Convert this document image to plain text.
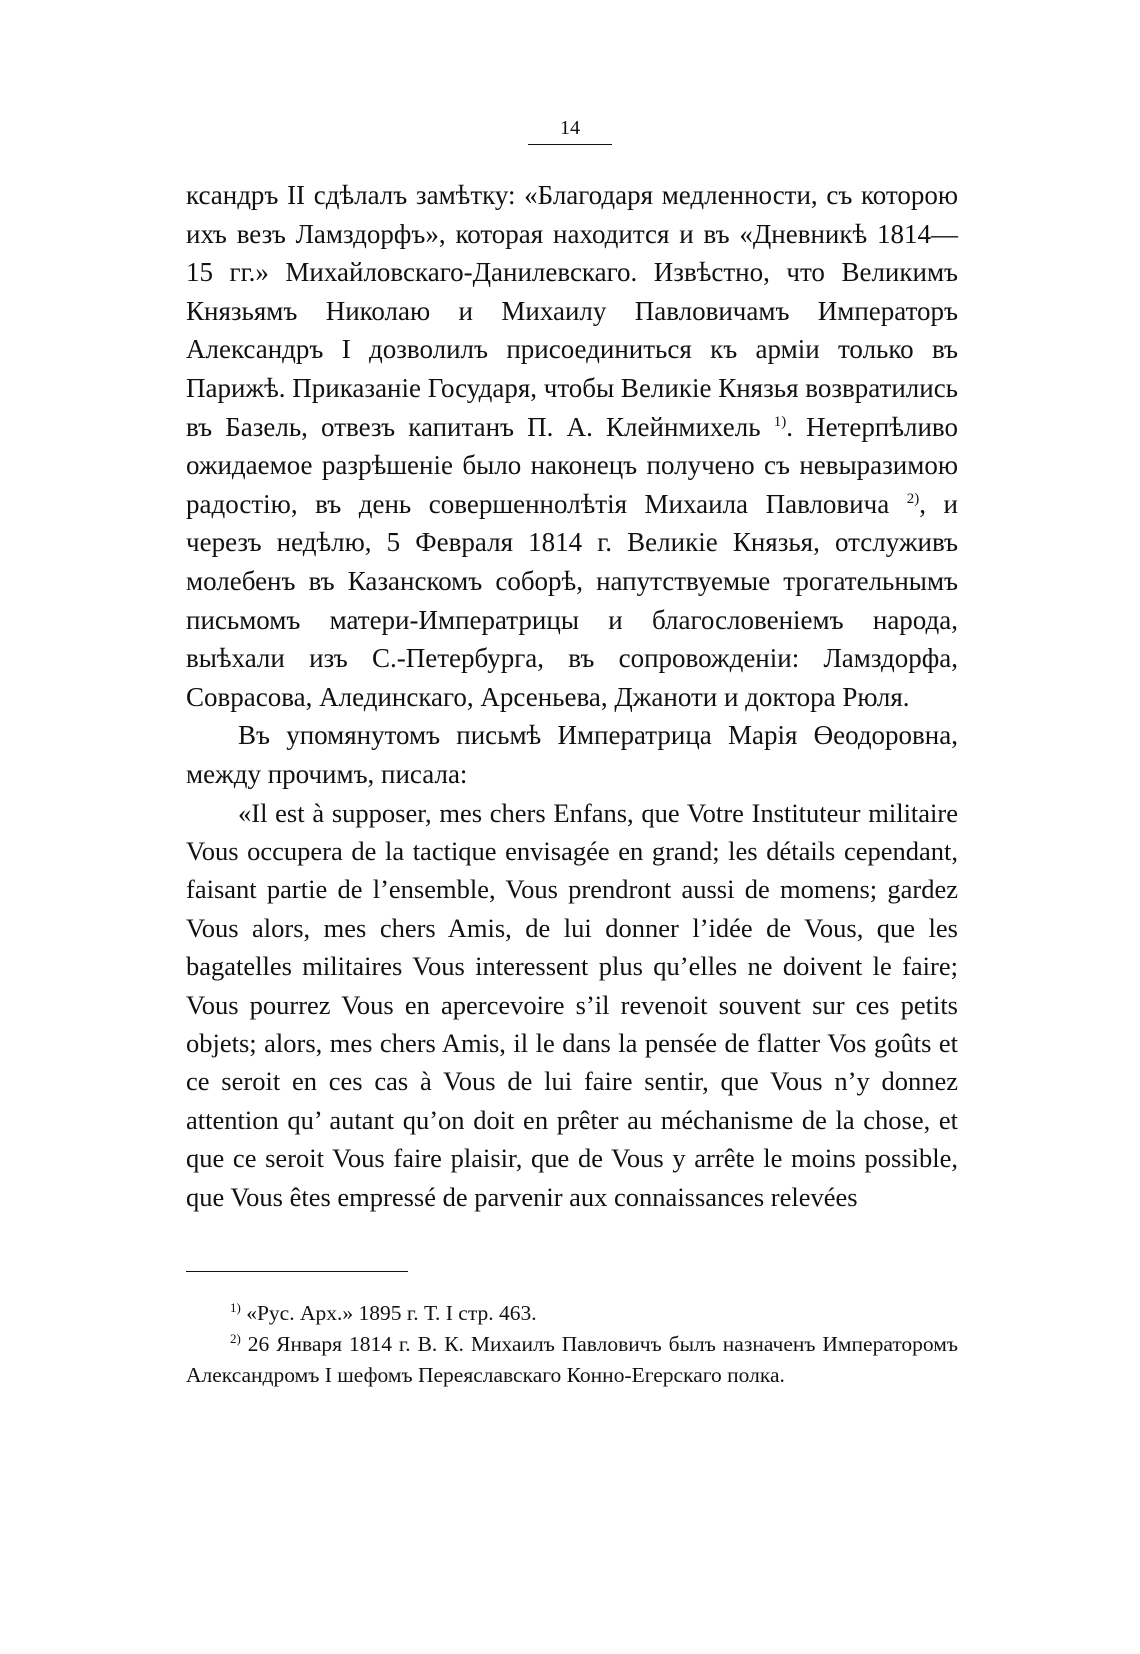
14

ксандръ II сдѣлалъ замѣтку: «Благодаря медленности, съ которою ихъ везъ Ламздорфъ», которая находится и въ «Дневникѣ 1814—15 гг.» Михайловскаго-Данилевскаго. Извѣстно, что Великимъ Князьямъ Николаю и Михаилу Павловичамъ Императоръ Александръ I дозволилъ присоединиться къ арміи только въ Парижѣ. Приказаніе Государя, чтобы Великіе Князья возвратились въ Базель, отвезъ капитанъ П. А. Клейнмихель $^{1)}$. Нетерпѣливо ожидаемое разрѣшеніе было наконецъ получено съ невыразимою радостію, въ день совершеннолѣтія Михаила Павловича $^{2)}$, и черезъ недѣлю, 5 Февраля 1814 г. Великіе Князья, отслуживъ молебенъ въ Казанскомъ соборѣ, напутствуемые трогательнымъ письмомъ матери-Императрицы и благословеніемъ народа, выѣхали изъ С.-Петербурга, въ сопровожденіи: Ламздорфа, Соврасова, Алединскаго, Арсеньева, Джаноти и доктора Рюля.

Въ упомянутомъ письмѣ Императрица Марія Өеодоровна, между прочимъ, писала:

«Il est à supposer, mes chers Enfans, que Votre Instituteur militaire Vous occupera de la tactique envisagée en grand; les détails cependant, faisant partie de l’ensemble, Vous prendront aussi de momens; gardez Vous alors, mes chers Amis, de lui donner l’idée de Vous, que les bagatelles militaires Vous interessent plus qu’elles ne doivent le faire; Vous pourrez Vous en apercevoire s’il revenoit souvent sur ces petits objets; alors, mes chers Amis, il le dans la pensée de flatter Vos goûts et ce seroit en ces cas à Vous de lui faire sentir, que Vous n’y donnez attention qu’ autant qu’on doit en prêter au méchanisme de la chose, et que ce seroit Vous faire plaisir, que de Vous y arrête le moins possible, que Vous êtes empressé de parvenir aux connaissances relevées

$^{1)}$ «Рус. Арх.» 1895 г. Т. I стр. 463.

$^{2)}$ 26 Января 1814 г. В. К. Михаилъ Павловичъ былъ назначенъ Императоромъ Александромъ I шефомъ Переяславскаго Конно-Егерскаго полка.
